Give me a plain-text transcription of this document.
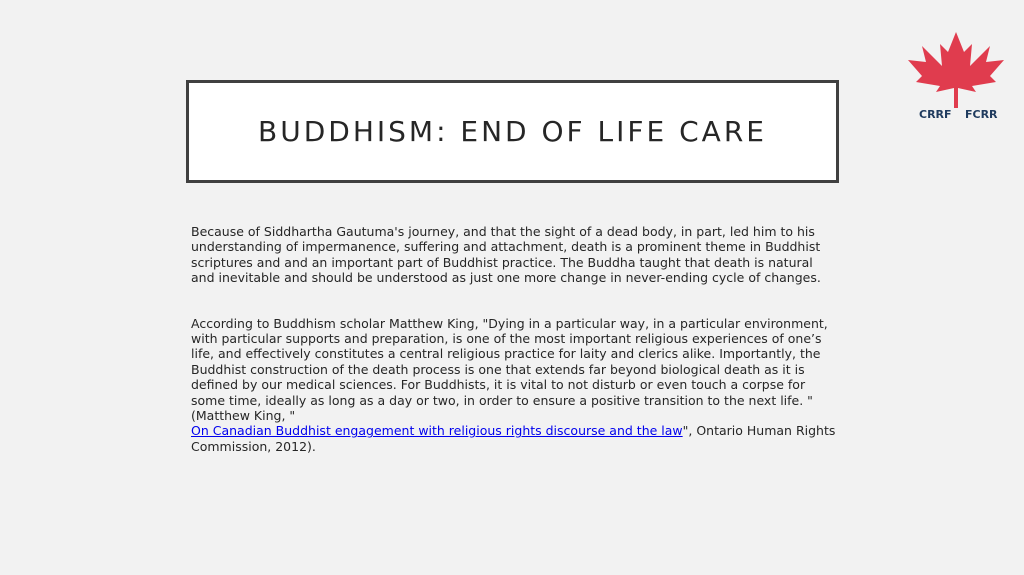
CRRF FCRR
BUDDHISM: END OF LIFE CARE

Because of Siddhartha Gautuma's journey, and that the sight of a dead body, in part, led him to his understanding of impermanence, suffering and attachment, death is a prominent theme in Buddhist scriptures and and an important part of Buddhist practice. The Buddha taught that death is natural and inevitable and should be understood as just one more change in never-ending cycle of changes.

According to Buddhism scholar Matthew King, "Dying in a particular way, in a particular environment, with particular supports and preparation, is one of the most important religious experiences of one’s life, and effectively constitutes a central religious practice for laity and clerics alike. Importantly, the Buddhist construction of the death process is one that extends far beyond biological death as it is defined by our medical sciences. For Buddhists, it is vital to not disturb or even touch a corpse for some time, ideally as long as a day or two, in order to ensure a positive transition to the next life. " (Matthew King, "
On Canadian Buddhist engagement with religious rights discourse and the law", Ontario Human Rights Commission, 2012).
